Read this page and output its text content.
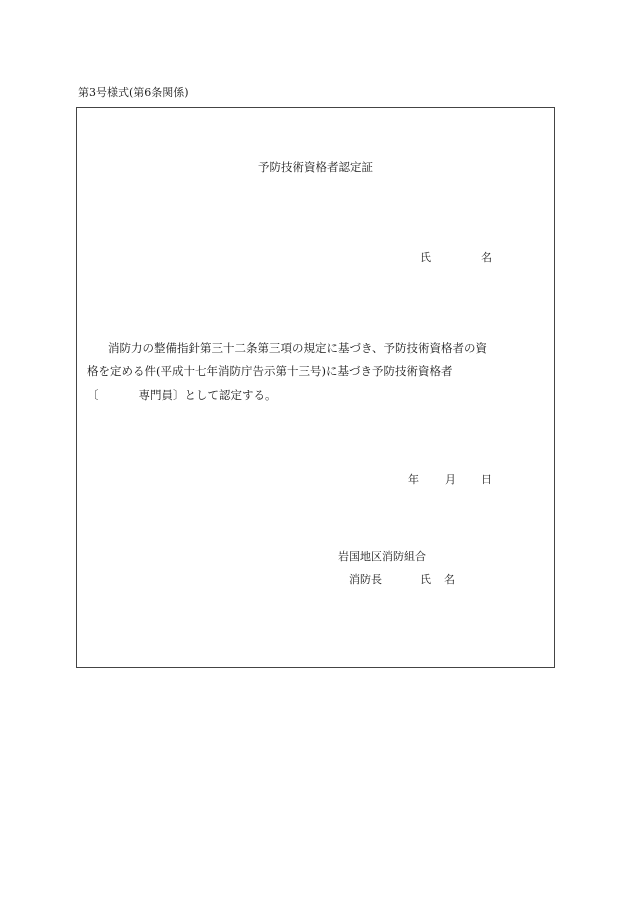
第3号様式(第6条関係)
予防技術資格者認定証
氏	名
消防力の整備指針第三十二条第三項の規定に基づき、予防技術資格者の資
格を定める件(平成十七年消防庁告示第十三号)に基づき予防技術資格者
〔	専門員〕として認定する。
年 月 日
岩国地区消防組合
消防長	氏 名
